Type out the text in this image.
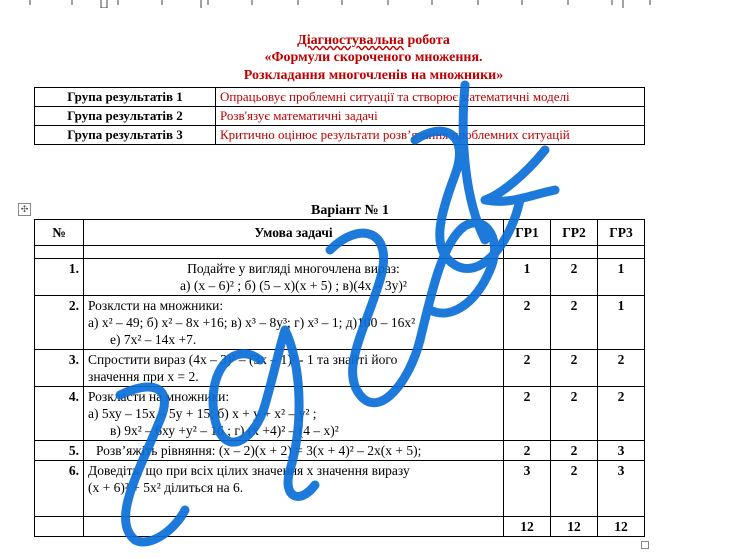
Діагностувальна робота
«Формули скороченого множення.
Розкладання многочленів на множники»
Група результатів 1	Опрацьовує проблемні ситуації та створює математичні моделі
Група результатів 2	Розв'язує математичні задачі
Група результатів 3	Критично оцінює результати розв’язання проблемних ситуацій
✣	Варіант № 1
№	Умова задачі	ГР1	ГР2	ГР3

1.	Подайте у вигляді многочлена вираз:
а) (х – 6)² ; б) (5 – х)(х + 5) ; в)(4х – 3у)²	1	2	1
2.	Розклсти на множники:
а) х² – 49; б) х² – 8х +16; в) х³ – 8у³; г) х³ – 1; д)100 – 16х²
е) 7х² – 14х +7.	2	2	1
3.	Спростити вираз (4х – 3)² – (3х – 1)² - 1 та знайті його
значення при х = 2.	2	2	2
4.	Розкласти на множники:
а) 5ху – 15х – 5у + 15; б) х + у + х² – у² ;
в) 9х² – 6ху +у² – 16 ; г) (х +4)² – (4 – х)²	2	2	2
5.	Розв’яжіть рівняння: (х – 2)(х + 2) = 3(х + 4)² – 2х(х + 5);	2	2	3
6.	Доведіть, що при всіх цілих значення х значення виразу
(х + 6)² + 5х² ділиться на 6.	3	2	3
		12	12	12
